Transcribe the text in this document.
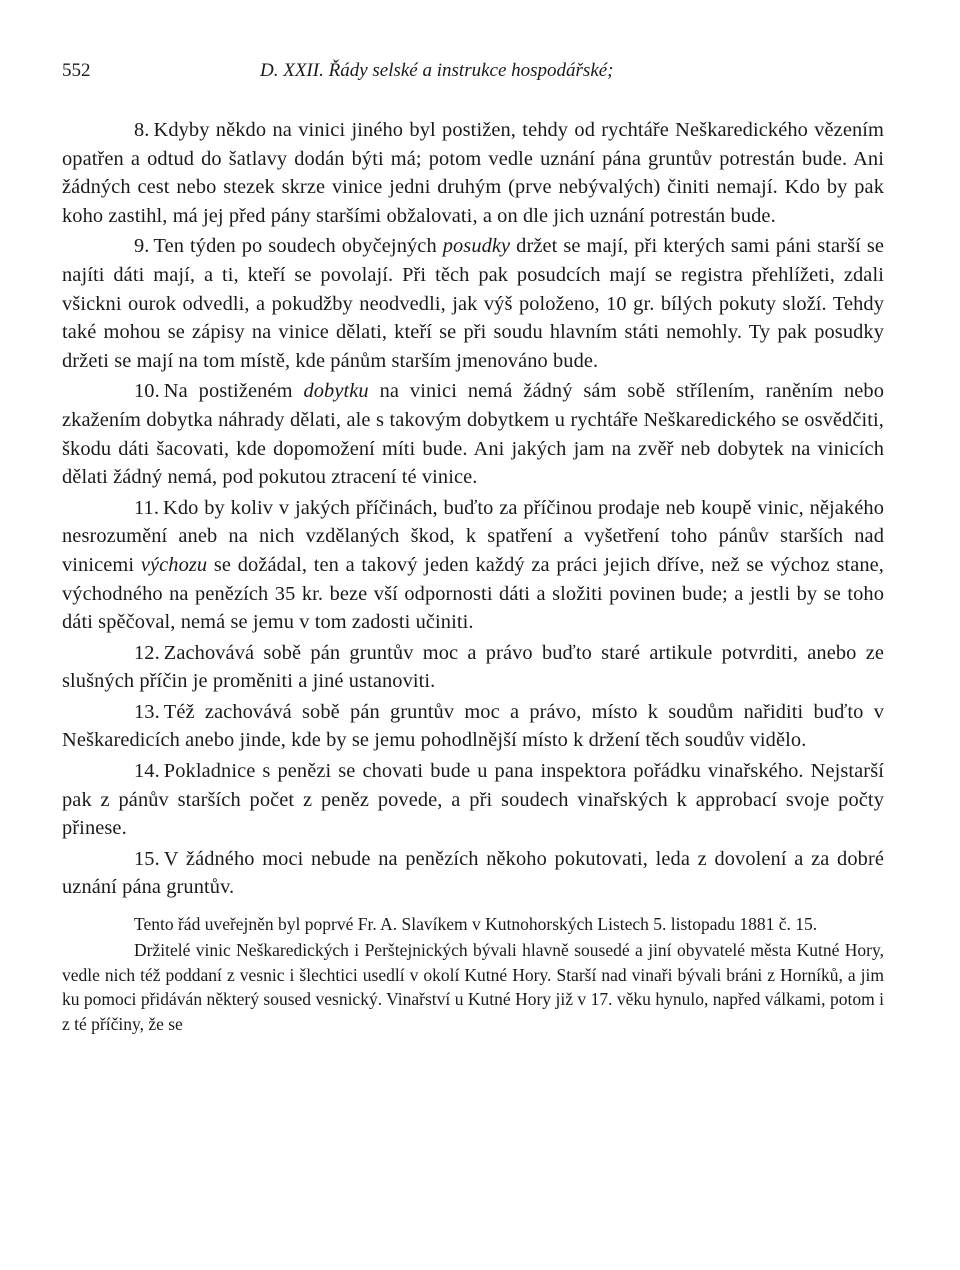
552	D. XXII. Řády selské a instrukce hospodářské;

8. Kdyby někdo na vinici jiného byl postižen, tehdy od rychtáře Neškaredického vězením opatřen a odtud do šatlavy dodán býti má; potom vedle uznání pána gruntův potrestán bude. Ani žádných cest nebo stezek skrze vinice jedni druhým (prve nebývalých) činiti nemají. Kdo by pak koho zastihl, má jej před pány staršími obžalovati, a on dle jich uznání potrestán bude.

9. Ten týden po soudech obyčejných posudky držet se mají, při kterých sami páni starší se najíti dáti mají, a ti, kteří se povolají. Při těch pak posudcích mají se registra přehlížeti, zdali všickni ourok odvedli, a pokudžby neodvedli, jak výš položeno, 10 gr. bílých pokuty složí. Tehdy také mohou se zápisy na vinice dělati, kteří se při soudu hlavním státi nemohly. Ty pak posudky držeti se mají na tom místě, kde pánům starším jmenováno bude.

10. Na postiženém dobytku na vinici nemá žádný sám sobě střílením, raněním nebo zkažením dobytka náhrady dělati, ale s takovým dobytkem u rychtáře Neškaredického se osvědčiti, škodu dáti šacovati, kde dopomožení míti bude. Ani jakých jam na zvěř neb dobytek na vinicích dělati žádný nemá, pod pokutou ztracení té vinice.

11. Kdo by koliv v jakých příčinách, buďto za příčinou prodaje neb koupě vinic, nějakého nesrozumění aneb na nich vzdělaných škod, k spatření a vyšetření toho pánův starších nad vinicemi výchozu se dožádal, ten a takový jeden každý za práci jejich dříve, než se výchoz stane, východného na penězích 35 kr. beze vší odpornosti dáti a složiti povinen bude; a jestli by se toho dáti spěčoval, nemá se jemu v tom zadosti učiniti.

12. Zachovává sobě pán gruntův moc a právo buďto staré artikule potvrditi, anebo ze slušných příčin je proměniti a jiné ustanoviti.

13. Též zachovává sobě pán gruntův moc a právo, místo k soudům nařiditi buďto v Neškaredicích anebo jinde, kde by se jemu pohodlnější místo k držení těch soudův vidělo.

14. Pokladnice s penězi se chovati bude u pana inspektora pořádku vinařského. Nejstarší pak z pánův starších počet z peněz povede, a při soudech vinařských k approbací svoje počty přinese.

15. V žádného moci nebude na penězích někoho pokutovati, leda z dovolení a za dobré uznání pána gruntův.

Tento řád uveřejněn byl poprvé Fr. A. Slavíkem v Kutnohorských Listech 5. listopadu 1881 č. 15.

Držitelé vinic Neškaredických i Perštejnických bývali hlavně sousedé a jiní obyvatelé města Kutné Hory, vedle nich též poddaní z vesnic i šlechtici usedlí v okolí Kutné Hory. Starší nad vinaři bývali bráni z Horníků, a jim ku pomoci přidáván některý soused vesnický. Vinařství u Kutné Hory již v 17. věku hynulo, napřed válkami, potom i z té příčiny, že se
